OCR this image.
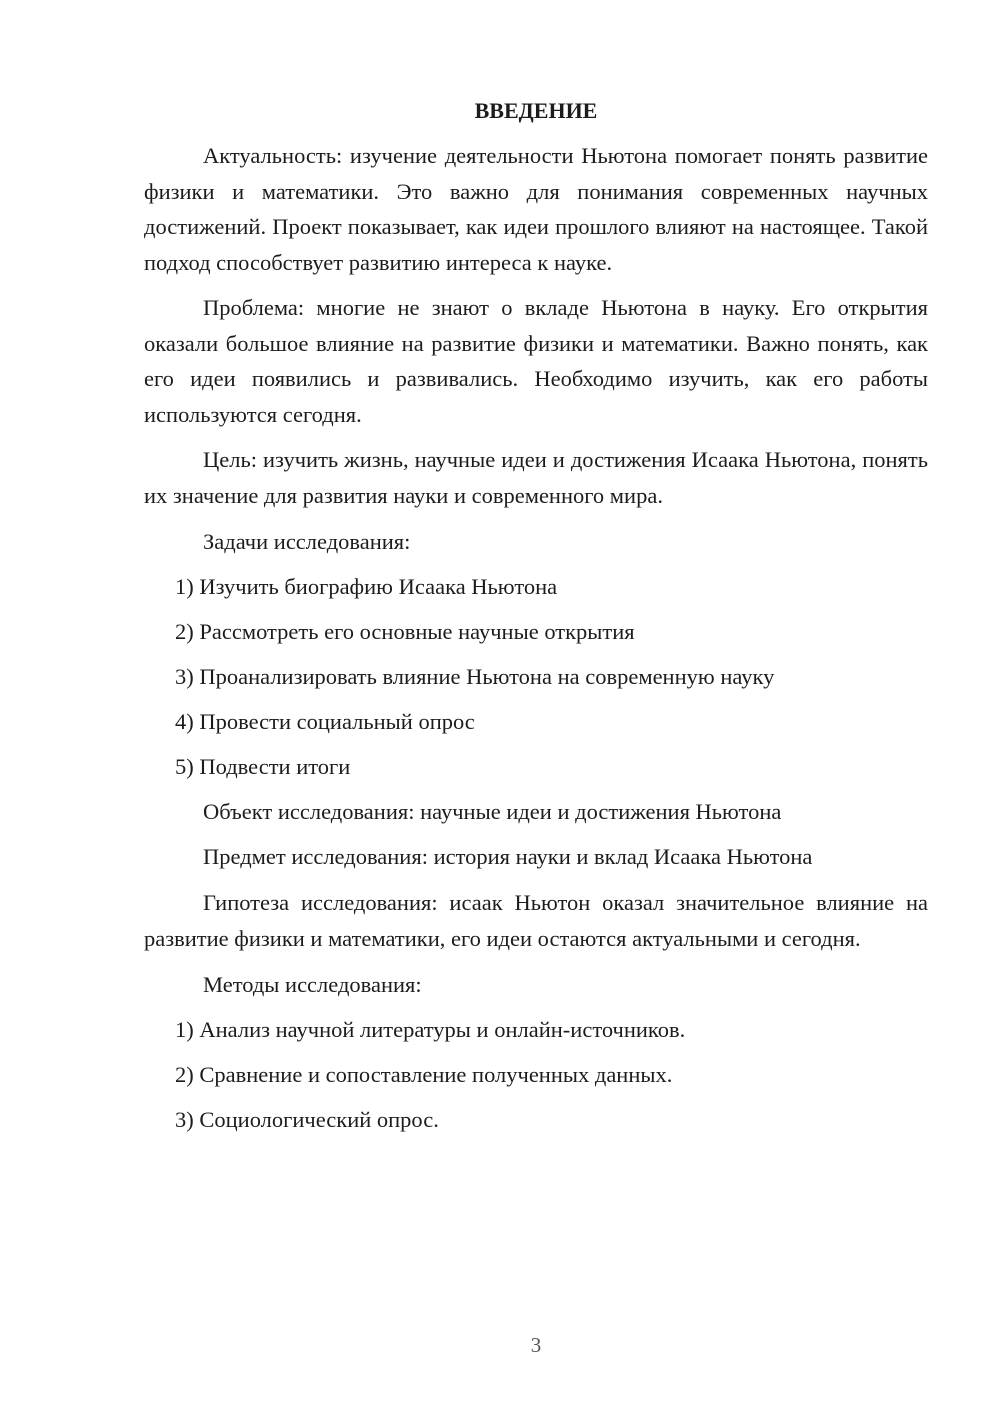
ВВЕДЕНИЕ

Актуальность: изучение деятельности Ньютона помогает понять развитие физики и математики. Это важно для понимания современных научных достижений. Проект показывает, как идеи прошлого влияют на настоящее. Такой подход способствует развитию интереса к науке.

Проблема: многие не знают о вкладе Ньютона в науку. Его открытия оказали большое влияние на развитие физики и математики. Важно понять, как его идеи появились и развивались. Необходимо изучить, как его работы используются сегодня.

Цель: изучить жизнь, научные идеи и достижения Исаака Ньютона, понять их значение для развития науки и современного мира.

Задачи исследования:
1) Изучить биографию Исаака Ньютона
2) Рассмотреть его основные научные открытия
3) Проанализировать влияние Ньютона на современную науку
4) Провести социальный опрос
5) Подвести итоги
Объект исследования: научные идеи и достижения Ньютона
Предмет исследования: история науки и вклад Исаака Ньютона

Гипотеза исследования: исаак Ньютон оказал значительное влияние на развитие физики и математики, его идеи остаются актуальными и сегодня.

Методы исследования:
1) Анализ научной литературы и онлайн-источников.
2) Сравнение и сопоставление полученных данных.
3) Социологический опрос.
3
